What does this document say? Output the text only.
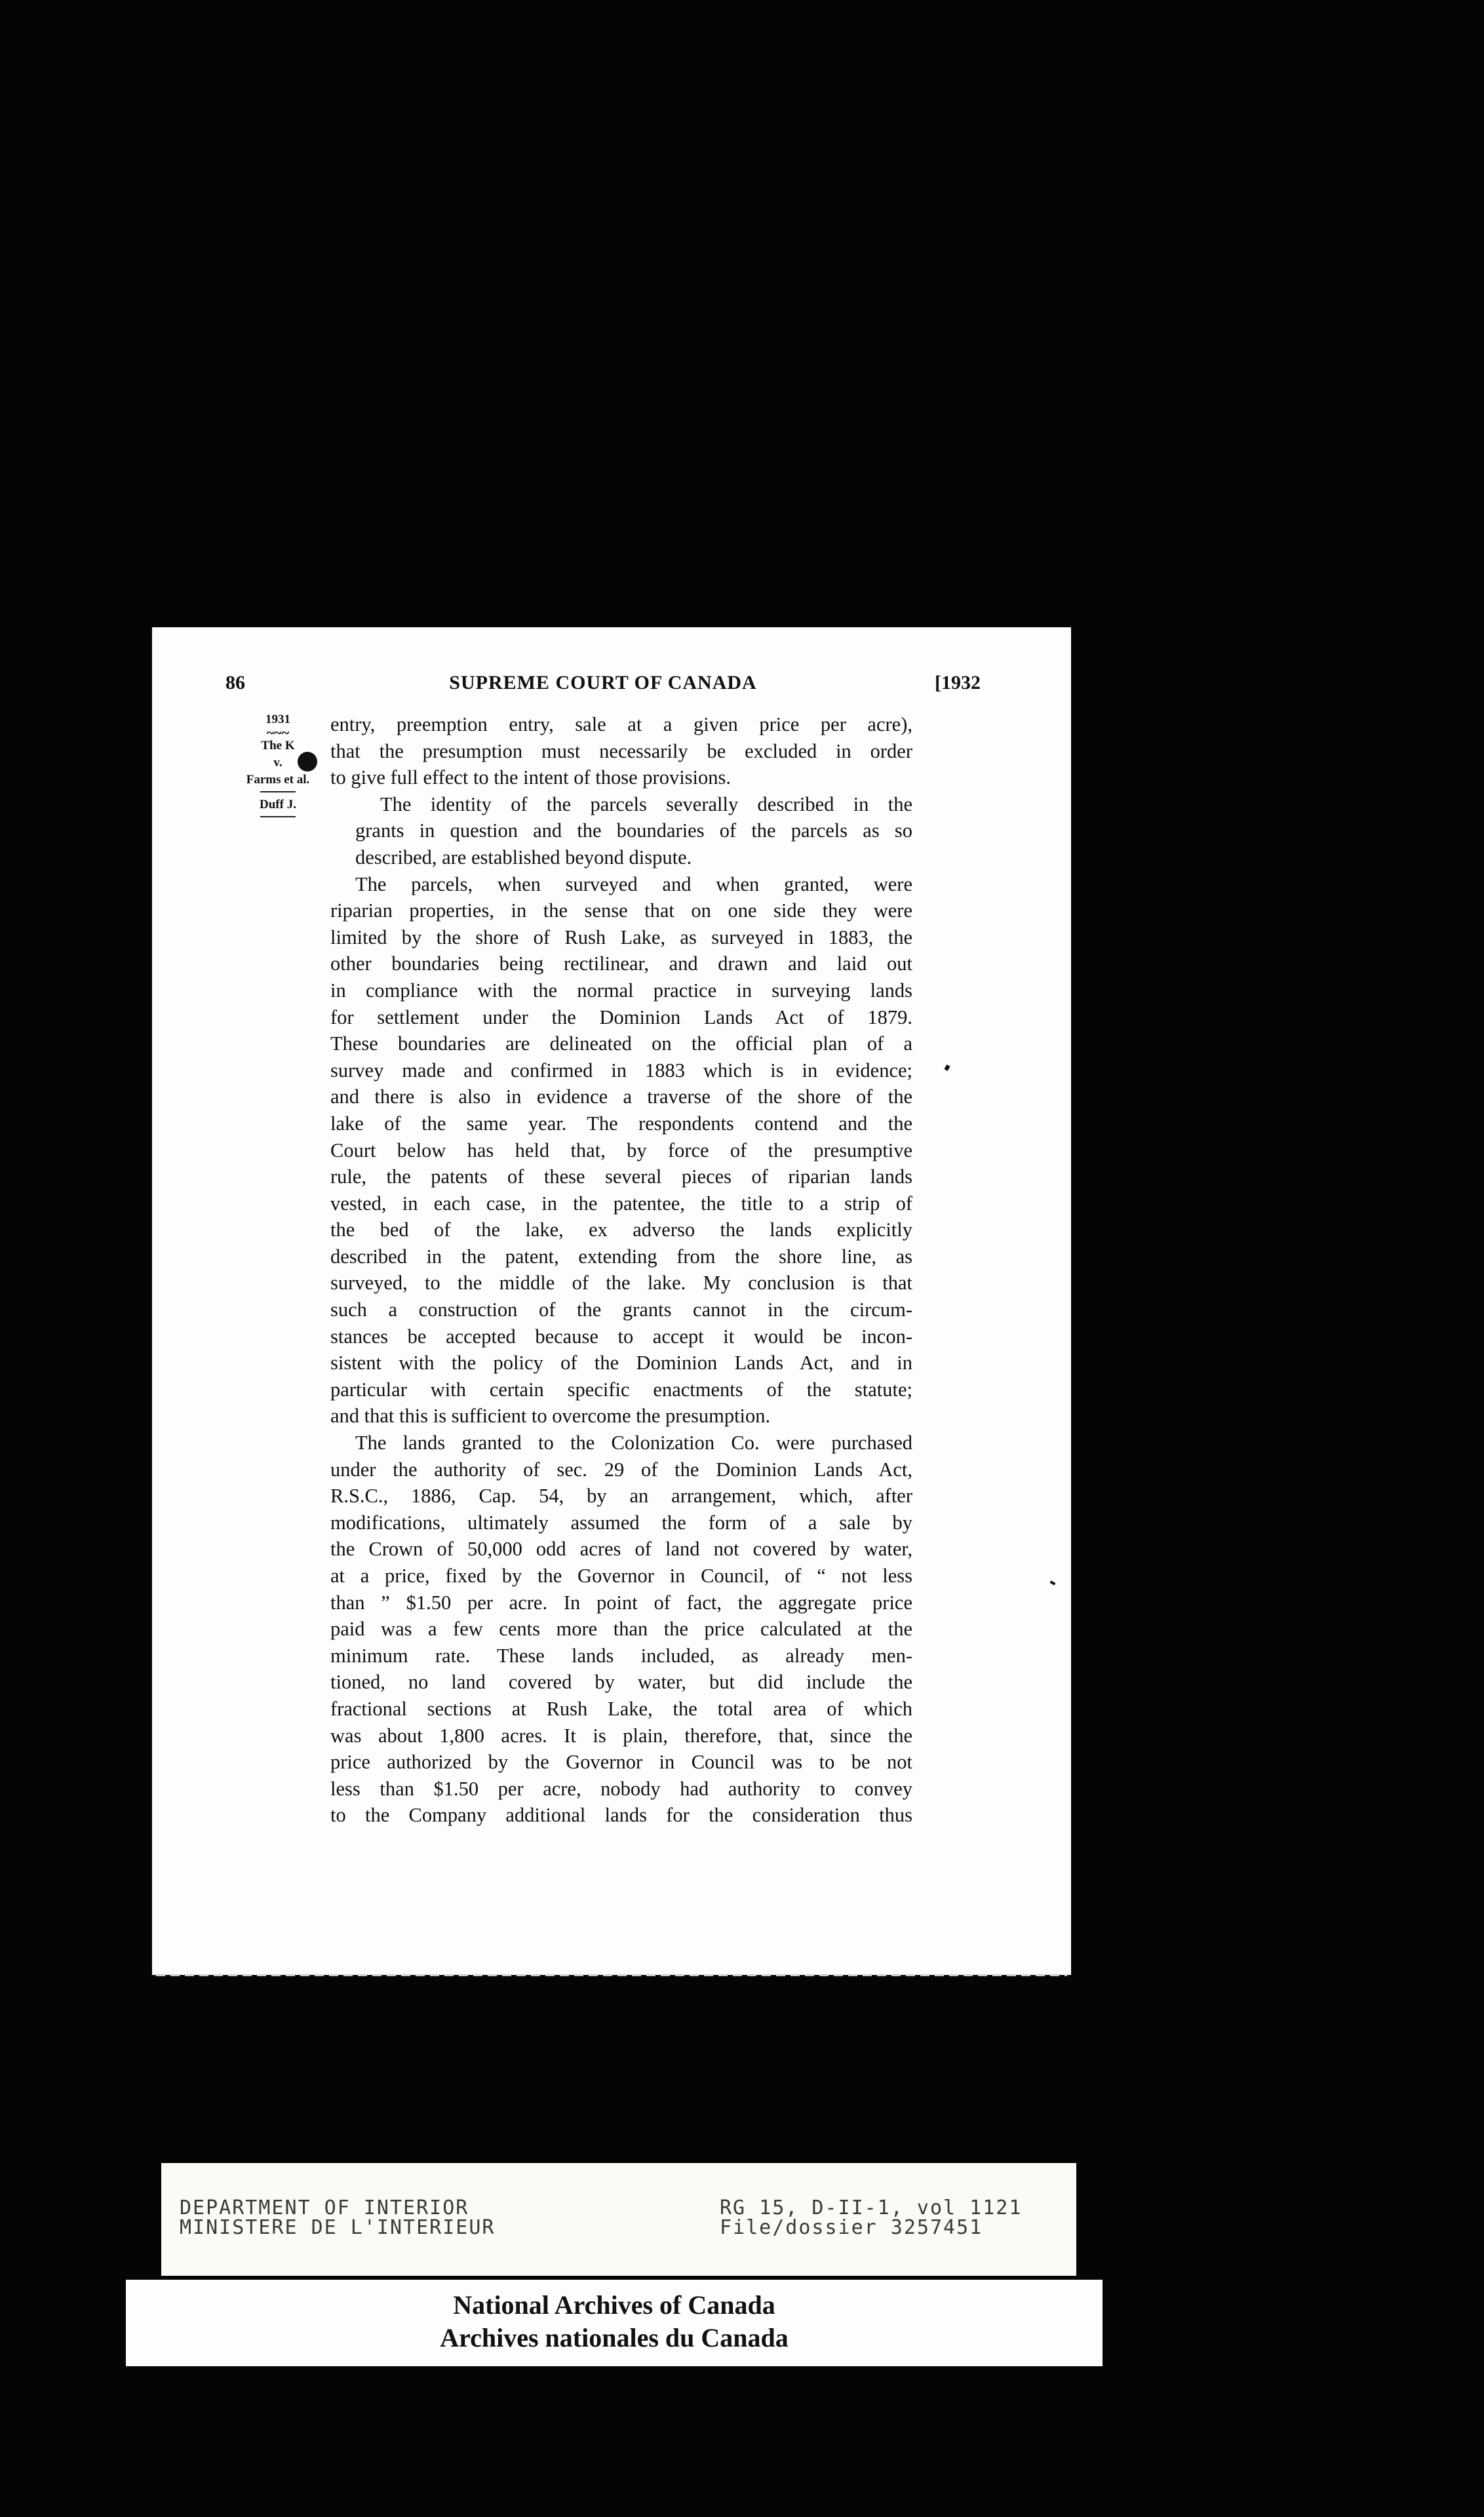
86	SUPREME COURT OF CANADA	[1932
1931
~~~
The K
v.
Farms et al.
Duff J.

entry, preemption entry, sale at a given price per acre),
that the presumption must necessarily be excluded in order
to give full effect to the intent of those provisions.

The identity of the parcels severally described in the
grants in question and the boundaries of the parcels as so
described, are established beyond dispute.

The parcels, when surveyed and when granted, were
riparian properties, in the sense that on one side they were
limited by the shore of Rush Lake, as surveyed in 1883, the
other boundaries being rectilinear, and drawn and laid out
in compliance with the normal practice in surveying lands
for settlement under the Dominion Lands Act of 1879.
These boundaries are delineated on the official plan of a
survey made and confirmed in 1883 which is in evidence;
and there is also in evidence a traverse of the shore of the
lake of the same year. The respondents contend and the
Court below has held that, by force of the presumptive
rule, the patents of these several pieces of riparian lands
vested, in each case, in the patentee, the title to a strip of
the bed of the lake, ex adverso the lands explicitly
described in the patent, extending from the shore line, as
surveyed, to the middle of the lake. My conclusion is that
such a construction of the grants cannot in the circum-
stances be accepted because to accept it would be incon-
sistent with the policy of the Dominion Lands Act, and in
particular with certain specific enactments of the statute;
and that this is sufficient to overcome the presumption.

The lands granted to the Colonization Co. were purchased
under the authority of sec. 29 of the Dominion Lands Act,
R.S.C., 1886, Cap. 54, by an arrangement, which, after
modifications, ultimately assumed the form of a sale by
the Crown of 50,000 odd acres of land not covered by water,
at a price, fixed by the Governor in Council, of “ not less
than ” $1.50 per acre. In point of fact, the aggregate price
paid was a few cents more than the price calculated at the
minimum rate. These lands included, as already men-
tioned, no land covered by water, but did include the
fractional sections at Rush Lake, the total area of which
was about 1,800 acres. It is plain, therefore, that, since the
price authorized by the Governor in Council was to be not
less than $1.50 per acre, nobody had authority to convey
to the Company additional lands for the consideration thus

DEPARTMENT OF INTERIOR
MINISTERE DE L'INTERIEUR
RG 15, D-II-1, vol 1121
File/dossier 3257451
National Archives of Canada
Archives nationales du Canada
